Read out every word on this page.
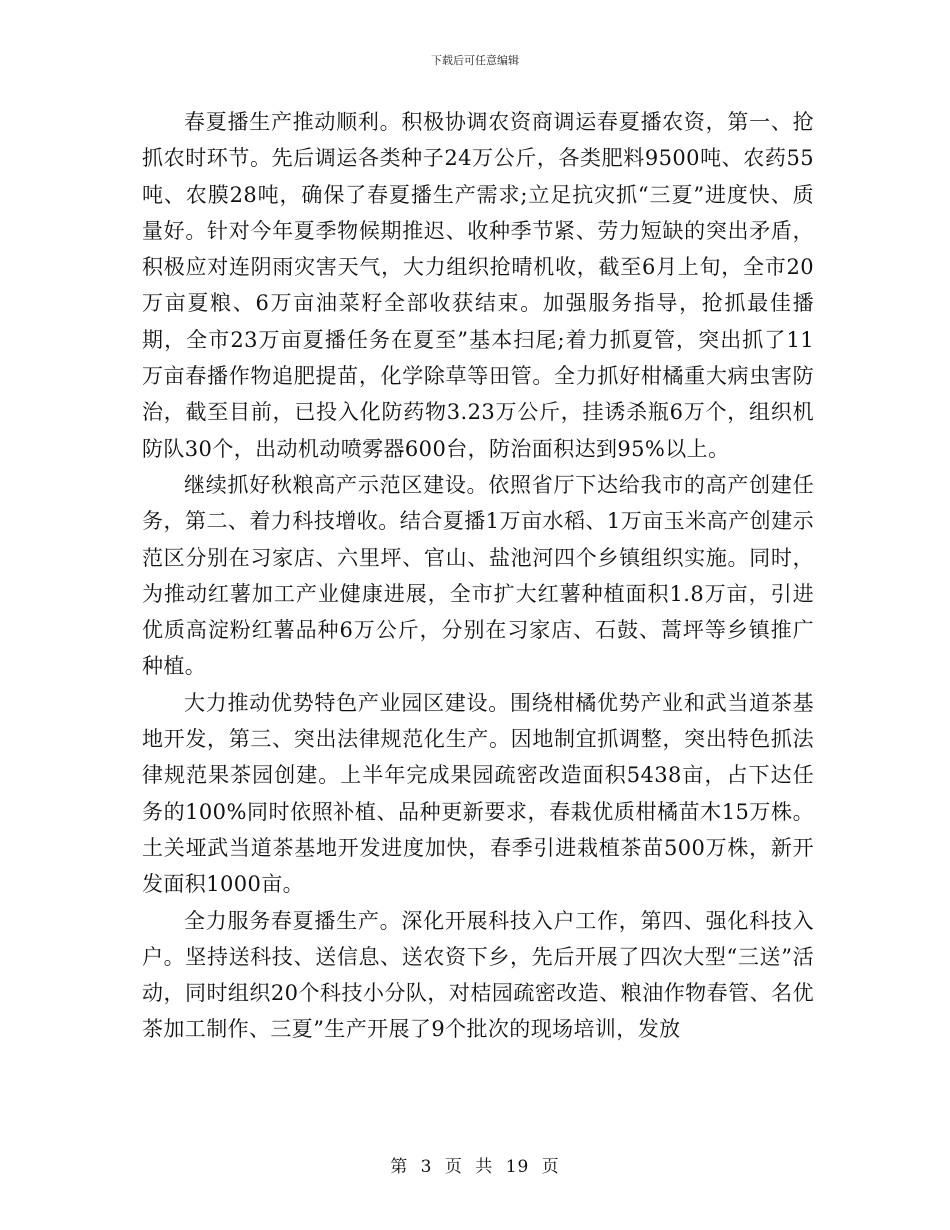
下载后可任意编辑

春夏播生产推动顺利。积极协调农资商调运春夏播农资，第一、抢抓农时环节。先后调运各类种子24万公斤，各类肥料9500吨、农药55吨、农膜28吨，确保了春夏播生产需求;立足抗灾抓“三夏”进度快、质量好。针对今年夏季物候期推迟、收种季节紧、劳力短缺的突出矛盾，积极应对连阴雨灾害天气，大力组织抢晴机收，截至6月上旬，全市20万亩夏粮、6万亩油菜籽全部收获结束。加强服务指导，抢抓最佳播期，全市23万亩夏播任务在夏至”基本扫尾;着力抓夏管，突出抓了11万亩春播作物追肥提苗，化学除草等田管。全力抓好柑橘重大病虫害防治，截至目前，已投入化防药物3.23万公斤，挂诱杀瓶6万个，组织机防队30个，出动机动喷雾器600台，防治面积达到95%以上。

继续抓好秋粮高产示范区建设。依照省厅下达给我市的高产创建任务，第二、着力科技增收。结合夏播1万亩水稻、1万亩玉米高产创建示范区分别在习家店、六里坪、官山、盐池河四个乡镇组织实施。同时，为推动红薯加工产业健康进展，全市扩大红薯种植面积1.8万亩，引进优质高淀粉红薯品种6万公斤，分别在习家店、石鼓、蒿坪等乡镇推广种植。

大力推动优势特色产业园区建设。围绕柑橘优势产业和武当道茶基地开发，第三、突出法律规范化生产。因地制宜抓调整，突出特色抓法律规范果茶园创建。上半年完成果园疏密改造面积5438亩，占下达任务的100%同时依照补植、品种更新要求，春栽优质柑橘苗木15万株。土关垭武当道茶基地开发进度加快，春季引进栽植茶苗500万株，新开发面积1000亩。

全力服务春夏播生产。深化开展科技入户工作，第四、强化科技入户。坚持送科技、送信息、送农资下乡，先后开展了四次大型“三送”活动，同时组织20个科技小分队，对桔园疏密改造、粮油作物春管、名优茶加工制作、三夏”生产开展了9个批次的现场培训，发放

第 3 页 共 19 页
